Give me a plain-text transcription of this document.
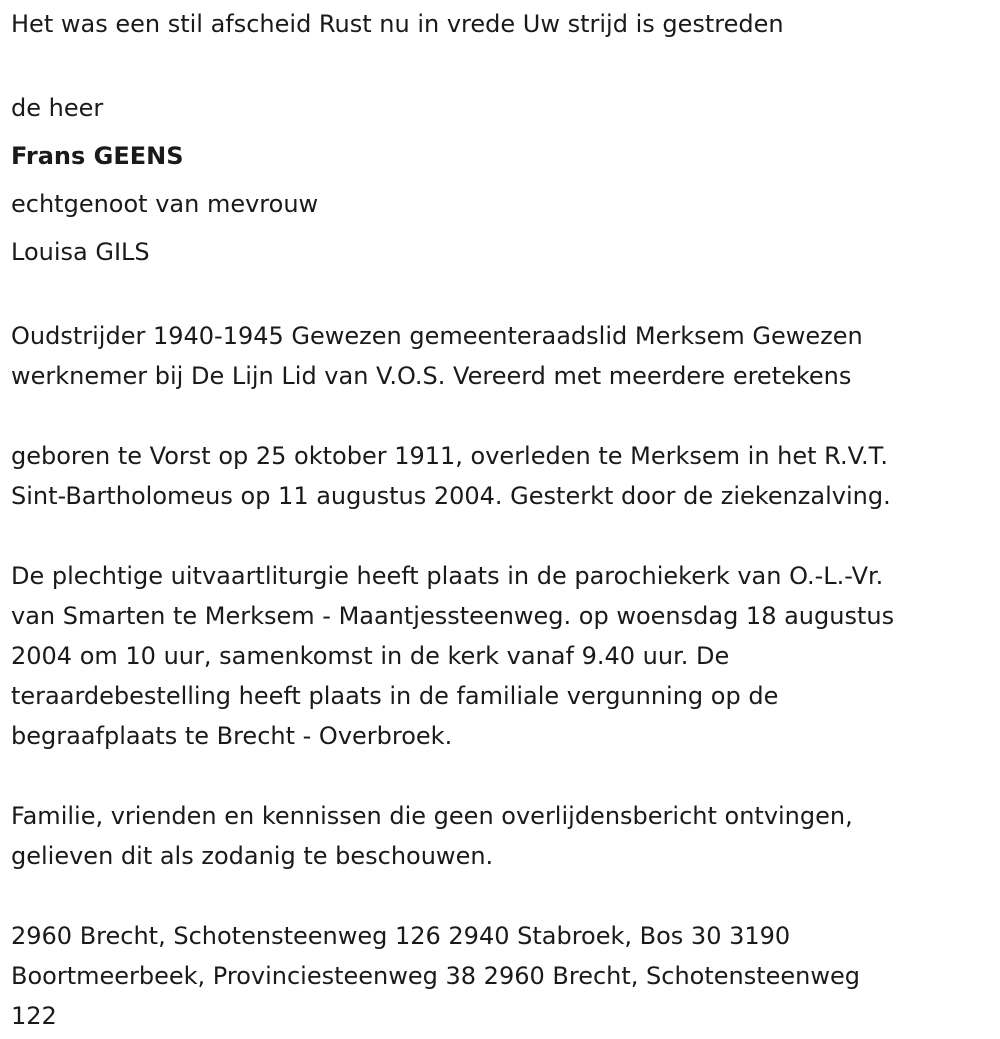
Het was een stil afscheid Rust nu in vrede Uw strijd is gestreden

de heer

Frans GEENS

echtgenoot van mevrouw

Louisa GILS

Oudstrijder 1940-1945 Gewezen gemeenteraadslid Merksem Gewezen
werknemer bij De Lijn Lid van V.O.S. Vereerd met meerdere eretekens
geboren te Vorst op 25 oktober 1911, overleden te Merksem in het R.V.T.
Sint-Bartholomeus op 11 augustus 2004. Gesterkt door de ziekenzalving.
De plechtige uitvaartliturgie heeft plaats in de parochiekerk van O.-L.-Vr.
van Smarten te Merksem - Maantjessteenweg. op woensdag 18 augustus
2004 om 10 uur, samenkomst in de kerk vanaf 9.40 uur. De
teraardebestelling heeft plaats in de familiale vergunning op de
begraafplaats te Brecht - Overbroek.
Familie, vrienden en kennissen die geen overlijdensbericht ontvingen,
gelieven dit als zodanig te beschouwen.
2960 Brecht, Schotensteenweg 126 2940 Stabroek, Bos 30 3190
Boortmeerbeek, Provinciesteenweg 38 2960 Brecht, Schotensteenweg
122
